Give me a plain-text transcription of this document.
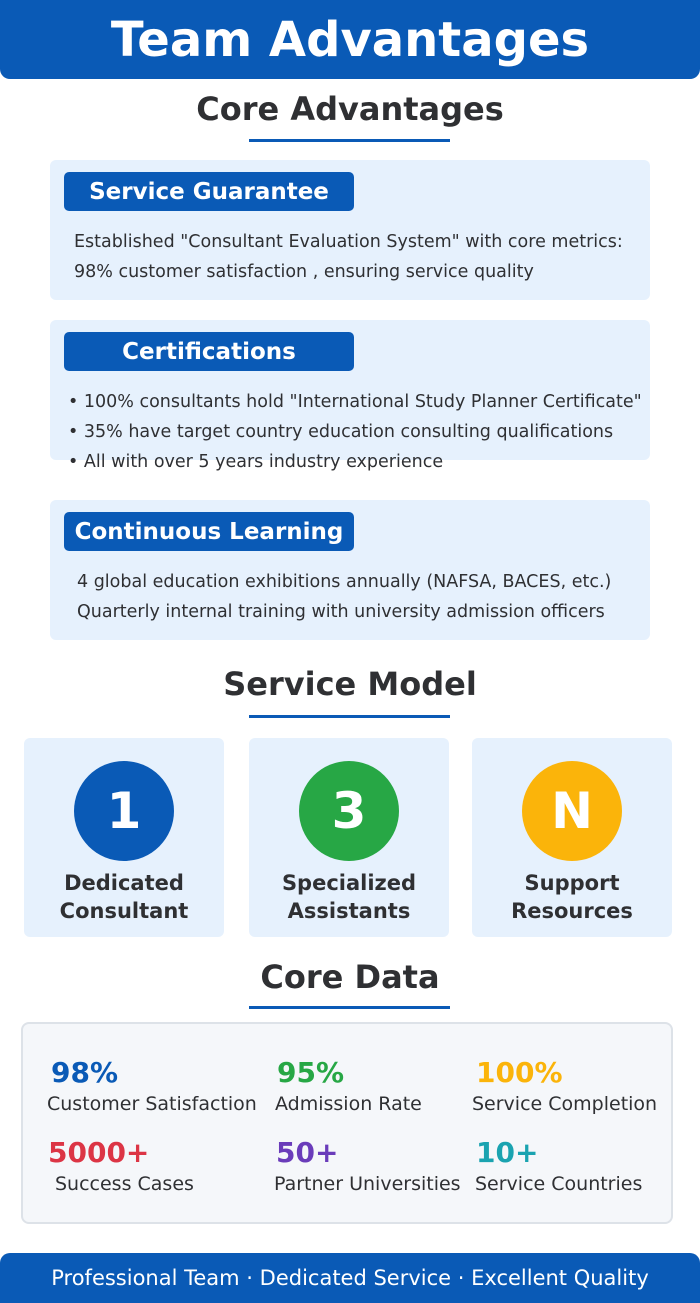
Team Advantages
Core Advantages
Service Guarantee
Established "Consultant Evaluation System" with core metrics:
98% customer satisfaction , ensuring service quality
Certifications
• 100% consultants hold "International Study Planner Certificate"
• 35% have target country education consulting qualifications
• All with over 5 years industry experience
Continuous Learning
4 global education exhibitions annually (NAFSA, BACES, etc.)
Quarterly internal training with university admission officers
Service Model
1
Dedicated
Consultant
3
Specialized
Assistants
N
Support
Resources
Core Data
98%
Customer Satisfaction
95%
Admission Rate
100%
Service Completion
5000+
Success Cases
50+
Partner Universities
10+
Service Countries
Professional Team · Dedicated Service · Excellent Quality
